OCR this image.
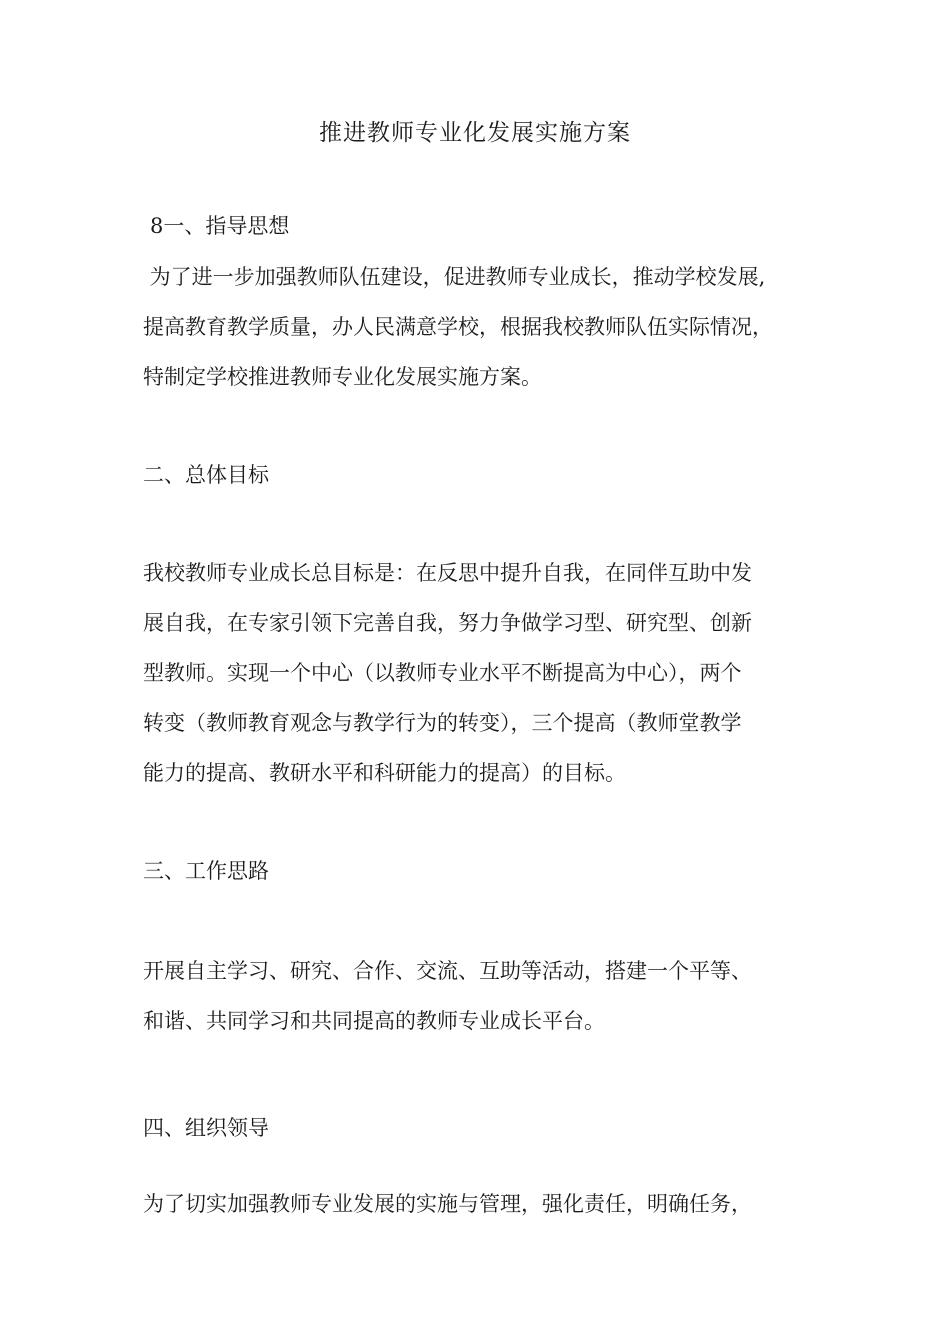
推进教师专业化发展实施方案
8一、指导思想
为了进一步加强教师队伍建设，促进教师专业成长，推动学校发展,
提高教育教学质量，办人民满意学校，根据我校教师队伍实际情况，
特制定学校推进教师专业化发展实施方案。
二、总体目标
我校教师专业成长总目标是：在反思中提升自我，在同伴互助中发
展自我，在专家引领下完善自我，努力争做学习型、研究型、创新
型教师。实现一个中心（以教师专业水平不断提高为中心），两个
转变（教师教育观念与教学行为的转变），三个提高（教师堂教学
能力的提高、教研水平和科研能力的提高）的目标。
三、工作思路
开展自主学习、研究、合作、交流、互助等活动，搭建一个平等、
和谐、共同学习和共同提高的教师专业成长平台。
四、组织领导
为了切实加强教师专业发展的实施与管理，强化责任，明确任务，
